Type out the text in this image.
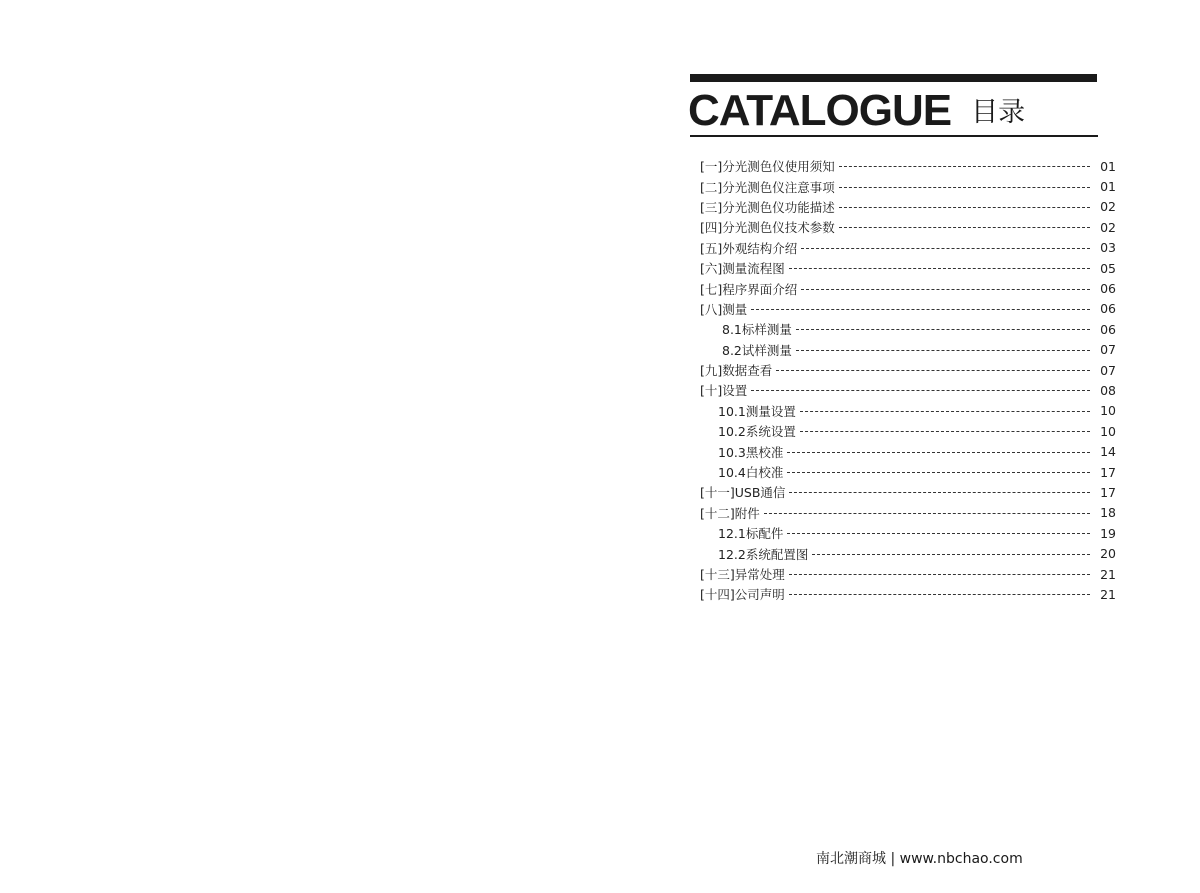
CATALOGUE 目录
[一]分光测色仪使用须知	01
[二]分光测色仪注意事项	01
[三]分光测色仪功能描述	02
[四]分光测色仪技术参数	02
[五]外观结构介绍	03
[六]测量流程图	05
[七]程序界面介绍	06
[八]测量	06
8.1标样测量	06
8.2试样测量	07
[九]数据查看	07
[十]设置	08
10.1测量设置	10
10.2系统设置	10
10.3黑校准	14
10.4白校准	17
[十一]USB通信	17
[十二]附件	18
12.1标配件	19
12.2系统配置图	20
[十三]异常处理	21
[十四]公司声明	21
南北潮商城 | www.nbchao.com
